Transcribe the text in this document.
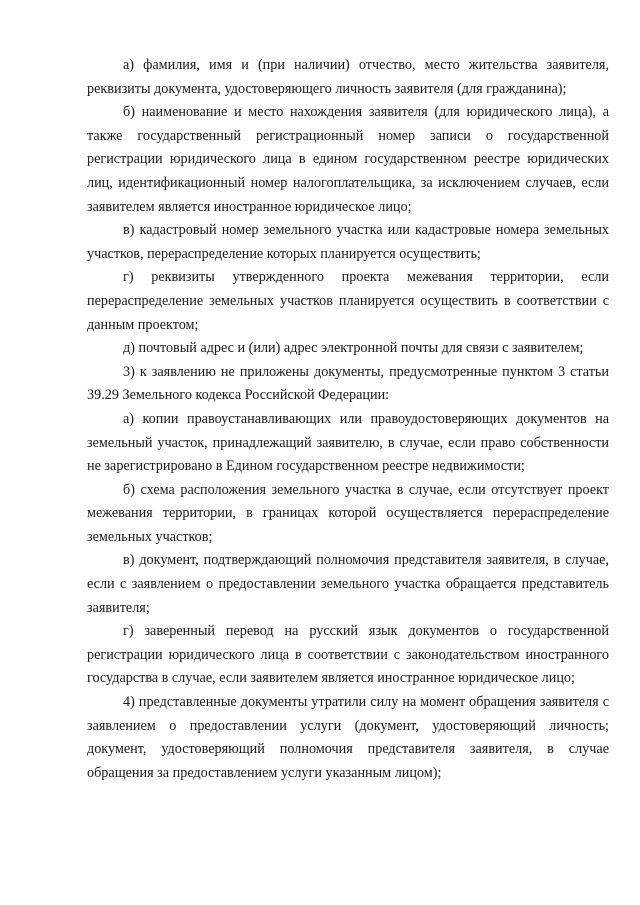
а) фамилия, имя и (при наличии) отчество, место жительства заявителя, реквизиты документа, удостоверяющего личность заявителя (для гражданина);

б) наименование и место нахождения заявителя (для юридического лица), а также государственный регистрационный номер записи о государственной регистрации юридического лица в едином государственном реестре юридических лиц, идентификационный номер налогоплательщика, за исключением случаев, если заявителем является иностранное юридическое лицо;

в) кадастровый номер земельного участка или кадастровые номера земельных участков, перераспределение которых планируется осуществить;

г) реквизиты утвержденного проекта межевания территории, если перераспределение земельных участков планируется осуществить в соответствии с данным проектом;

д) почтовый адрес и (или) адрес электронной почты для связи с заявителем;

3) к заявлению не приложены документы, предусмотренные пунктом 3 статьи 39.29 Земельного кодекса Российской Федерации:

а) копии правоустанавливающих или правоудостоверяющих документов на земельный участок, принадлежащий заявителю, в случае, если право собственности не зарегистрировано в Едином государственном реестре недвижимости;

б) схема расположения земельного участка в случае, если отсутствует проект межевания территории, в границах которой осуществляется перераспределение земельных участков;

в) документ, подтверждающий полномочия представителя заявителя, в случае, если с заявлением о предоставлении земельного участка обращается представитель заявителя;

г) заверенный перевод на русский язык документов о государственной регистрации юридического лица в соответствии с законодательством иностранного государства в случае, если заявителем является иностранное юридическое лицо;

4) представленные документы утратили силу на момент обращения заявителя с заявлением о предоставлении услуги (документ, удостоверяющий личность; документ, удостоверяющий полномочия представителя заявителя, в случае обращения за предоставлением услуги указанным лицом);
